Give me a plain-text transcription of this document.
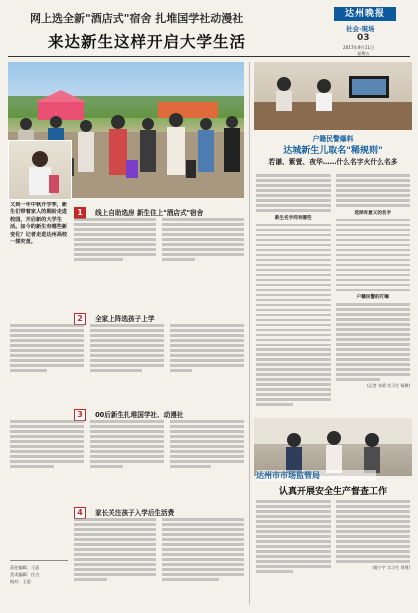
达州晚报
社会·現场
03
2017年9月11日
星期五
网上选全新"酒店式"宿舍 扎堆国学社动漫社
来达新生这样开启大学生活
又到一年中秋开学季，新生们带着家人的期盼走进校园，开启新的大学生活。如今的新生有哪些新变化？记者走进达州高校一探究竟。
1 线上自助选房 新生住上"酒店式"宿舍
2 全家上阵选孩子上学
3 00后新生扎堆国学社、动漫社
4 家长关注孩子入学后生活费
责任编辑：王思
美术编辑：任吉
校对：王思
户籍民警爆料
达城新生儿取名"稀规则"
若谦、紫萱、夜华……什么名字火什么名多
新生名字同有哪些
选择有意义的名字
户籍民警的叮嘱
(记者 刘勇 实习生 杨柳)
达州市市场监管局
认真开展安全生产督查工作
(陈宁宇 实习生 刘勇)
